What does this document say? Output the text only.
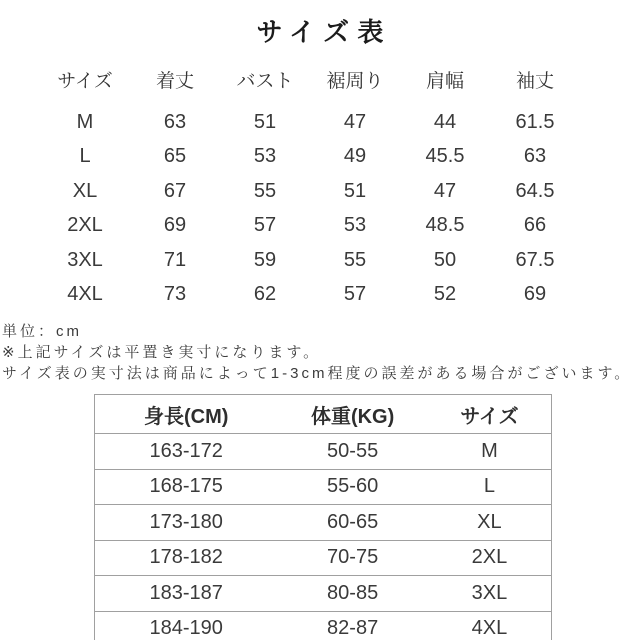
サイズ表
サイズ	着丈	バスト	裾周り	肩幅	袖丈
M	63	51	47	44	61.5
L	65	53	49	45.5	63
XL	67	55	51	47	64.5
2XL	69	57	53	48.5	66
3XL	71	59	55	50	67.5
4XL	73	62	57	52	69
単位：cm
※上記サイズは平置き実寸になります。
サイズ表の実寸法は商品によって1-3cm程度の誤差がある場合がございます。
身長(CM)	体重(KG)	サイズ
163-172	50-55	M
168-175	55-60	L
173-180	60-65	XL
178-182	70-75	2XL
183-187	80-85	3XL
184-190	82-87	4XL
